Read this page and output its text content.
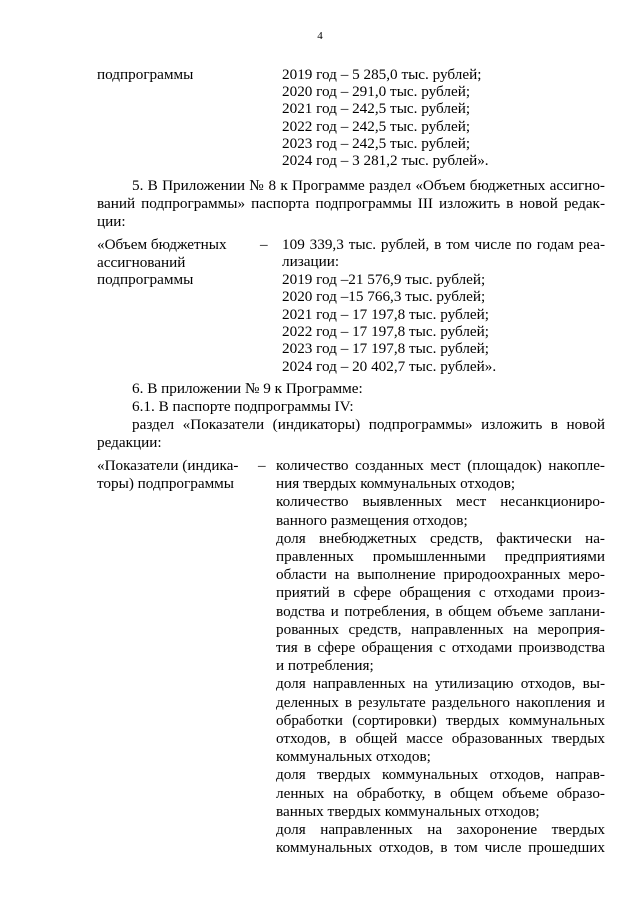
4
подпрограммы	2019 год – 5 285,0 тыс. рублей;
2020 год – 291,0 тыс. рублей;
2021 год – 242,5 тыс. рублей;
2022 год – 242,5 тыс. рублей;
2023 год – 242,5 тыс. рублей;
2024 год – 3 281,2 тыс. рублей».
5. В Приложении № 8 к Программе раздел «Объем бюджетных ассигно-
ваний подпрограммы» паспорта подпрограммы III изложить в новой редак-
ции:
«Объем бюджетных
ассигнований
подпрограммы
– 109 339,3 тыс. рублей, в том числе по годам реа-
лизации:
2019 год –21 576,9 тыс. рублей;
2020 год –15 766,3 тыс. рублей;
2021 год – 17 197,8 тыс. рублей;
2022 год – 17 197,8 тыс. рублей;
2023 год – 17 197,8 тыс. рублей;
2024 год – 20 402,7 тыс. рублей».
6. В приложении № 9 к Программе:
6.1. В паспорте подпрограммы IV:
раздел «Показатели (индикаторы) подпрограммы» изложить в новой
редакции:
«Показатели (индика-
торы) подпрограммы
– количество созданных мест (площадок) накопле-
ния твердых коммунальных отходов;
количество выявленных мест несанкциониро-
ванного размещения отходов;
доля внебюджетных средств, фактически на-
правленных промышленными предприятиями
области на выполнение природоохранных меро-
приятий в сфере обращения с отходами произ-
водства и потребления, в общем объеме заплани-
рованных средств, направленных на мероприя-
тия в сфере обращения с отходами производства
и потребления;
доля направленных на утилизацию отходов, вы-
деленных в результате раздельного накопления и
обработки (сортировки) твердых коммунальных
отходов, в общей массе образованных твердых
коммунальных отходов;
доля твердых коммунальных отходов, направ-
ленных на обработку, в общем объеме образо-
ванных твердых коммунальных отходов;
доля направленных на захоронение твердых
коммунальных отходов, в том числе прошедших
